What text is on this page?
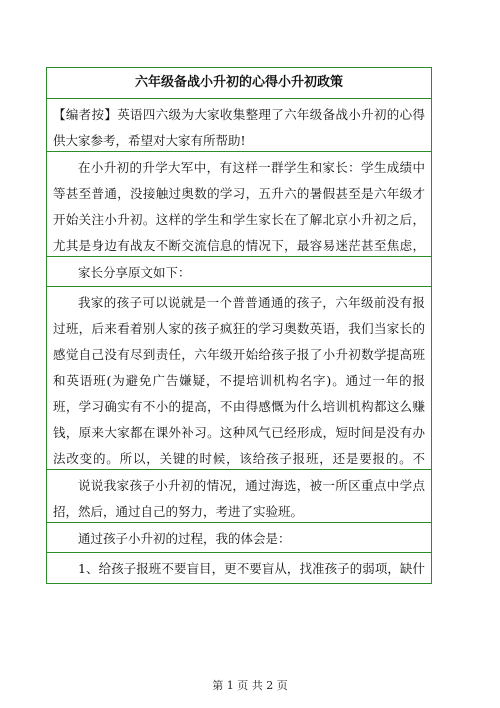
六年级备战小升初的心得小升初政策
【编者按】英语四六级为大家收集整理了六年级备战小升初的心得供大家参考，希望对大家有所帮助!
在小升初的升学大军中，有这样一群学生和家长：学生成绩中等甚至普通，没接触过奥数的学习，五升六的暑假甚至是六年级才开始关注小升初。这样的学生和学生家长在了解北京小升初之后，尤其是身边有战友不断交流信息的情况下，最容易迷茫甚至焦虑，
家长分享原文如下：
我家的孩子可以说就是一个普普通通的孩子，六年级前没有报过班，后来看着别人家的孩子疯狂的学习奥数英语，我们当家长的感觉自己没有尽到责任，六年级开始给孩子报了小升初数学提高班和英语班(为避免广告嫌疑，不提培训机构名字)。通过一年的报班，学习确实有不小的提高，不由得感慨为什么培训机构都这么赚钱，原来大家都在课外补习。这种风气已经形成，短时间是没有办法改变的。所以，关键的时候，该给孩子报班，还是要报的。不
说说我家孩子小升初的情况，通过海选，被一所区重点中学点招，然后，通过自己的努力，考进了实验班。
通过孩子小升初的过程，我的体会是：
1、给孩子报班不要盲目，更不要盲从，找准孩子的弱项，缺什
第 1 页 共 2 页
